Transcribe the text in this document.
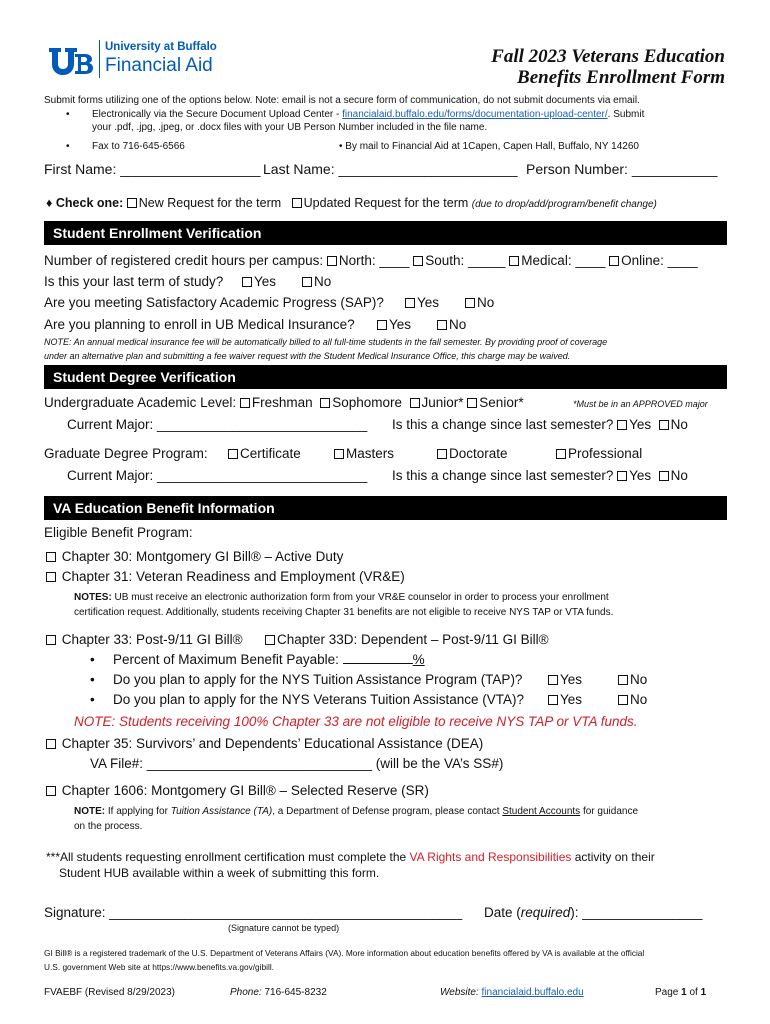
University at Buffalo
Financial Aid	Fall 2023 Veterans Education
Benefits Enrollment Form
Submit forms utilizing one of the options below. Note: email is not a secure form of communication, do not submit documents via email.
• Electronically via the Secure Document Upload Center - financialaid.buffalo.edu/forms/documentation-upload-center/. Submit
your .pdf, .jpg, .jpeg, or .docx files with your UB Person Number included in the file name.
• Fax to 716-645-6566	• By mail to Financial Aid at 1Capen, Capen Hall, Buffalo, NY 14260
First Name: __________________ Last Name: _______________________ Person Number: ___________
♦ Check one: New Request for the term Updated Request for the term (due to drop/add/program/benefit change)
Student Enrollment Verification
Number of registered credit hours per campus: North: ____ South: _____ Medical: ____ Online: ____
Is this your last term of study?	Yes	No
Are you meeting Satisfactory Academic Progress (SAP)?	Yes	No
Are you planning to enroll in UB Medical Insurance?	Yes	No
NOTE: An annual medical insurance fee will be automatically billed to all full-time students in the fall semester. By providing proof of coverage
under an alternative plan and submitting a fee waiver request with the Student Medical Insurance Office, this charge may be waived.
Student Degree Verification
Undergraduate Academic Level: Freshman Sophomore Junior* Senior*	*Must be in an APPROVED major
Current Major: ____________________________ Is this a change since last semester? Yes No
Graduate Degree Program:	Certificate	Masters	Doctorate	Professional
Current Major: ____________________________ Is this a change since last semester? Yes No
VA Education Benefit Information
Eligible Benefit Program:
Chapter 30: Montgomery GI Bill® – Active Duty
Chapter 31: Veteran Readiness and Employment (VR&E)
NOTES: UB must receive an electronic authorization form from your VR&E counselor in order to process your enrollment
certification request. Additionally, students receiving Chapter 31 benefits are not eligible to receive NYS TAP or VTA funds.
Chapter 33: Post-9/11 GI Bill®	Chapter 33D: Dependent – Post-9/11 GI Bill®
• Percent of Maximum Benefit Payable:	%
• Do you plan to apply for the NYS Tuition Assistance Program (TAP)?	Yes	No
• Do you plan to apply for the NYS Veterans Tuition Assistance (VTA)?	Yes	No
NOTE: Students receiving 100% Chapter 33 are not eligible to receive NYS TAP or VTA funds.
Chapter 35: Survivors’ and Dependents’ Educational Assistance (DEA)
VA File#: ______________________________ (will be the VA’s SS#)
Chapter 1606: Montgomery GI Bill® – Selected Reserve (SR)
NOTE: If applying for Tuition Assistance (TA), a Department of Defense program, please contact Student Accounts for guidance
on the process.
***All students requesting enrollment certification must complete the VA Rights and Responsibilities activity on their
Student HUB available within a week of submitting this form.
Signature: _______________________________________________ Date (required): ________________
(Signature cannot be typed)
GI Bill® is a registered trademark of the U.S. Department of Veterans Affairs (VA). More information about education benefits offered by VA is available at the official
U.S. government Web site at https://www.benefits.va.gov/gibill.
FVAEBF (Revised 8/29/2023)	Phone: 716-645-8232	Website: financialaid.buffalo.edu	Page 1 of 1
